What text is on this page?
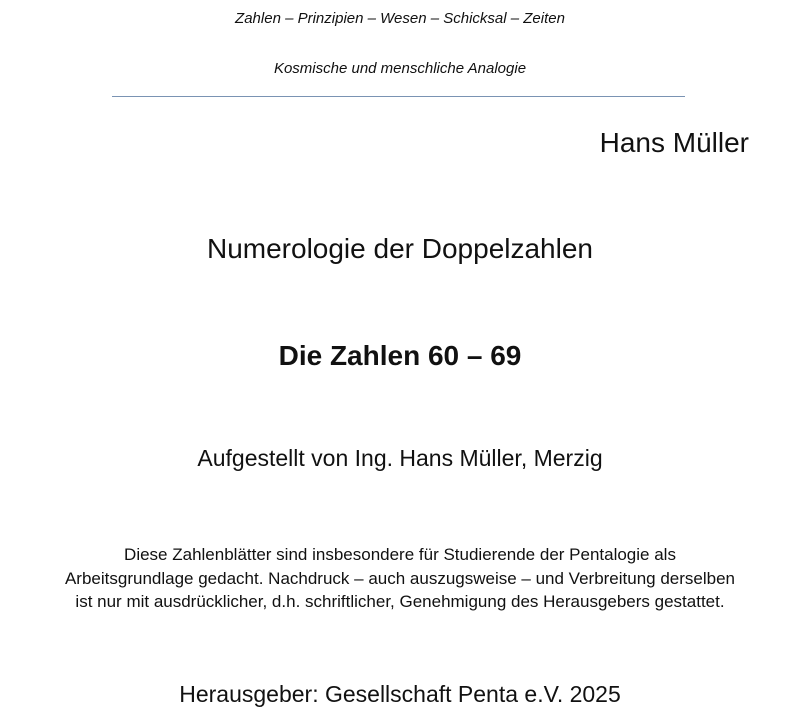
Zahlen – Prinzipien – Wesen – Schicksal – Zeiten
Kosmische und menschliche Analogie
Hans Müller
Numerologie der Doppelzahlen
Die Zahlen 60 – 69
Aufgestellt von Ing. Hans Müller, Merzig
Diese Zahlenblätter sind insbesondere für Studierende der Pentalogie als
Arbeitsgrundlage gedacht. Nachdruck – auch auszugsweise – und Verbreitung derselben
ist nur mit ausdrücklicher, d.h. schriftlicher, Genehmigung des Herausgebers gestattet.
Herausgeber: Gesellschaft Penta e.V. 2025
